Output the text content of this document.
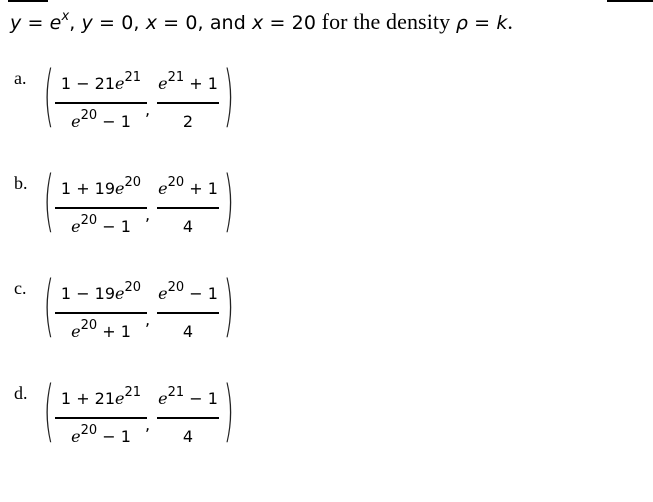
$y = e^x$, y = 0, x = 0, and x = 20 for the density ρ = k.
a. ( $1 - 21e^{21}$
$e^{20} - 1$
,
$e^{21} + 1$
2 )
b. ( $1 + 19e^{20}$
$e^{20} - 1$
,
$e^{20} + 1$
4 )
c. ( $1 - 19e^{20}$
$e^{20} + 1$
,
$e^{20} - 1$
4 )
d. ( $1 + 21e^{21}$
$e^{20} - 1$
,
$e^{21} - 1$
4 )
